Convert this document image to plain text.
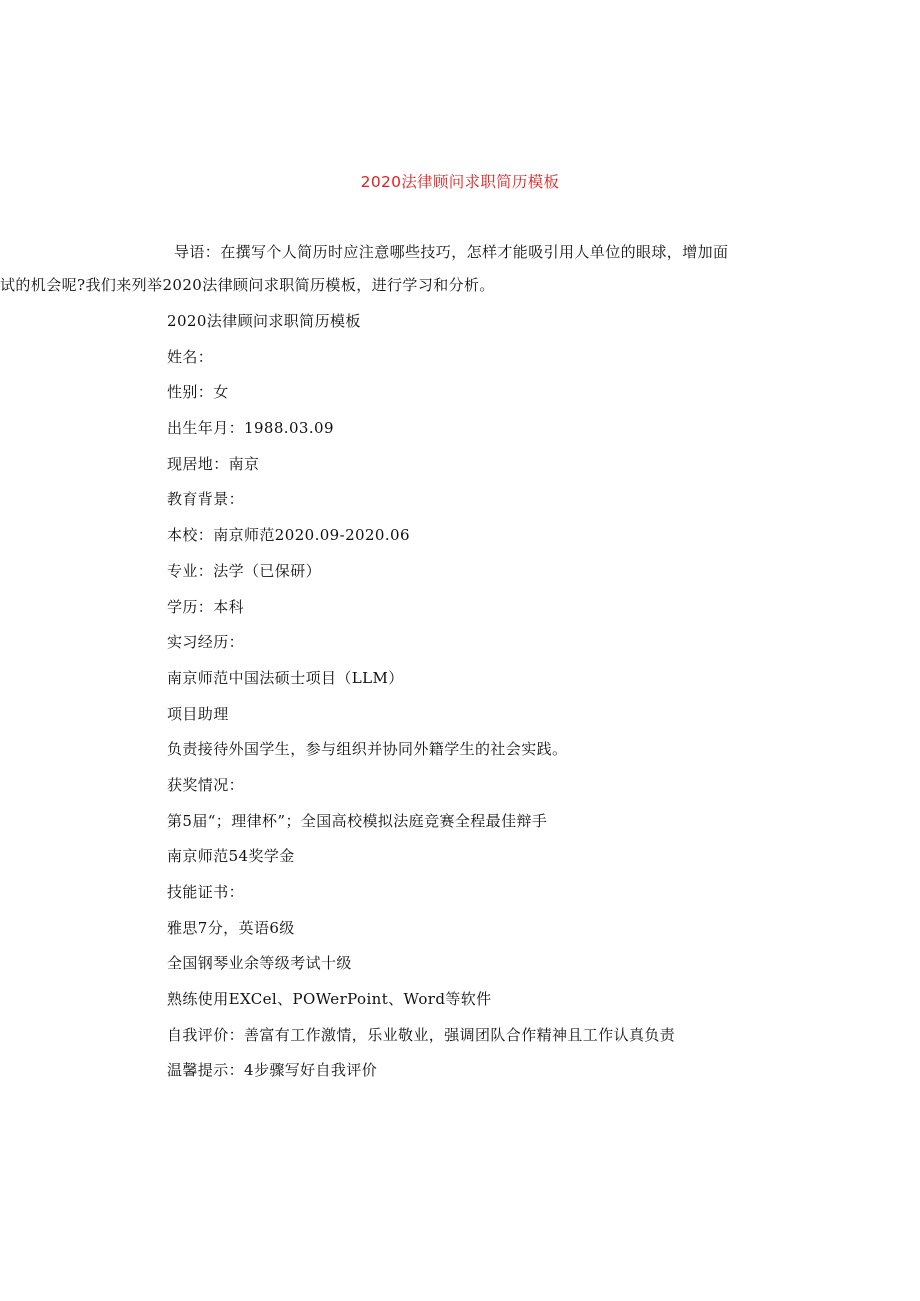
2020法律顾问求职简历模板
导语：在撰写个人简历时应注意哪些技巧，怎样才能吸引用人单位的眼球，增加面
试的机会呢?我们来列举2020法律顾问求职简历模板，进行学习和分析。
2020法律顾问求职简历模板
姓名：
性别：女
出生年月：1988.03.09
现居地：南京
教育背景：
本校：南京师范2020.09-2020.06
专业：法学（已保研）
学历：本科
实习经历：
南京师范中国法硕士项目（LLM）
项目助理
负责接待外国学生，参与组织并协同外籍学生的社会实践。
获奖情况：
第5届“；理律杯”；全国高校模拟法庭竞赛全程最佳辩手
南京师范54奖学金
技能证书：
雅思7分，英语6级
全国钢琴业余等级考试十级
熟练使用EXCel、POWerPoint、Word等软件
自我评价：善富有工作激情，乐业敬业，强调团队合作精神且工作认真负责
温馨提示：4步骤写好自我评价
